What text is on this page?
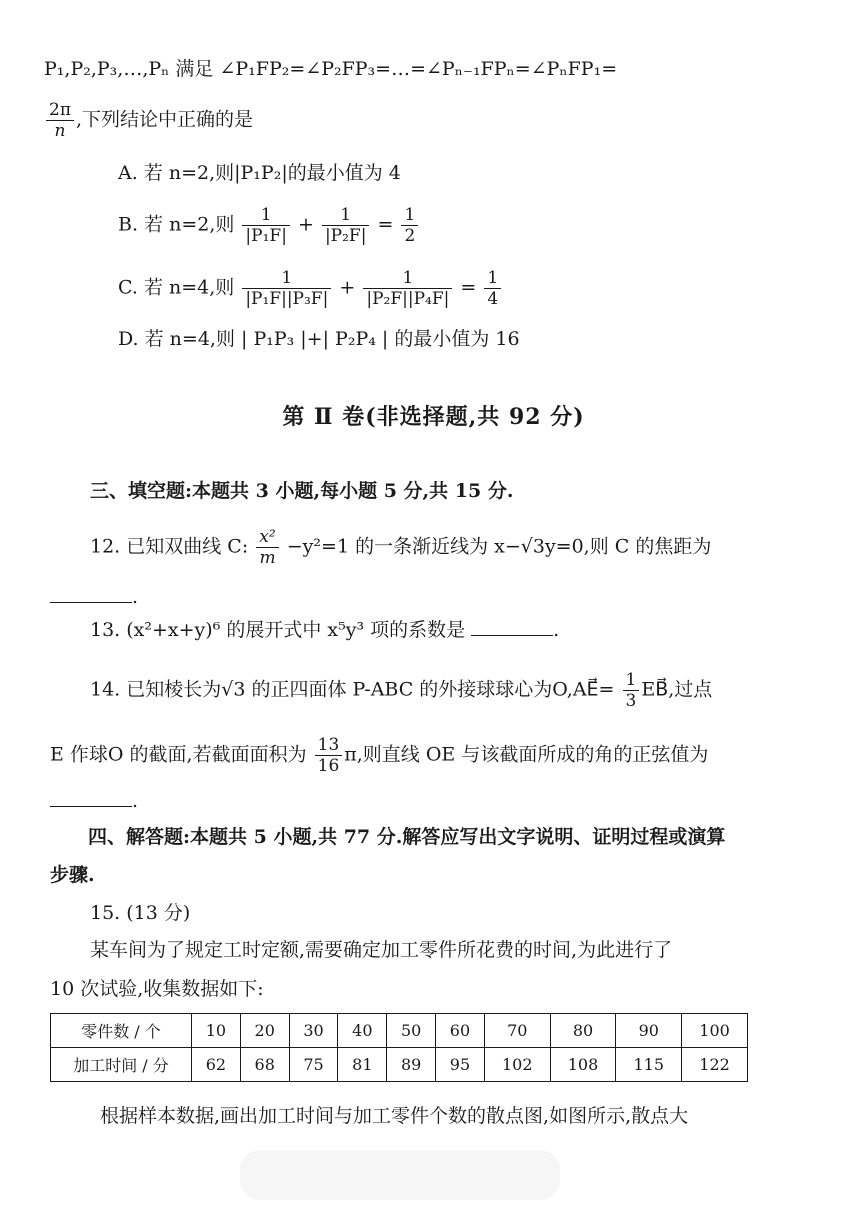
P₁,P₂,P₃,…,Pₙ 满足 ∠P₁FP₂=∠P₂FP₃=…=∠Pₙ₋₁FPₙ=∠PₙFP₁=
$\frac{2\pi}{n}$ ,下列结论中正确的是
A. 若 n=2,则|P₁P₂|的最小值为 4
B. 若 n=2,则 $\frac{1}{\text{|P₁F|}} + \frac{1}{\text{|P₂F|}} = \frac{1}{2}$
C. 若 n=4,则 $\frac{1}{\text{|P₁F||P₃F|}} + \frac{1}{\text{|P₂F||P₄F|}} = \frac{1}{4}$
D. 若 n=4,则 | P₁P₃ |+| P₂P₄ | 的最小值为 16
第 Ⅱ 卷(非选择题,共 92 分)
三、填空题:本题共 3 小题,每小题 5 分,共 15 分.
12. 已知双曲线 C: $\frac{\text{x²}}{m} -y^2=1$ 的一条渐近线为 x−√3y=0,则 C 的焦距为
.
13. (x²+x+y)⁶ 的展开式中 x⁵y³ 项的系数是	.
14. 已知棱长为√3 的正四面体 P-ABC 的外接球球心为O,AE⃗= $\frac{1}{3}$ EB⃗,过点
E 作球O 的截面,若截面面积为 $\frac{13}{16} \pi$,则直线 OE 与该截面所成的角的正弦值为
.
四、解答题:本题共 5 小题,共 77 分.解答应写出文字说明、证明过程或演算
步骤.
15. (13 分)
某车间为了规定工时定额,需要确定加工零件所花费的时间,为此进行了
10 次试验,收集数据如下:
零件数 / 个	10	20	30	40	50	60	70	80	90	100
加工时间 / 分	62	68	75	81	89	95	102	108	115	122
根据样本数据,画出加工时间与加工零件个数的散点图,如图所示,散点大
